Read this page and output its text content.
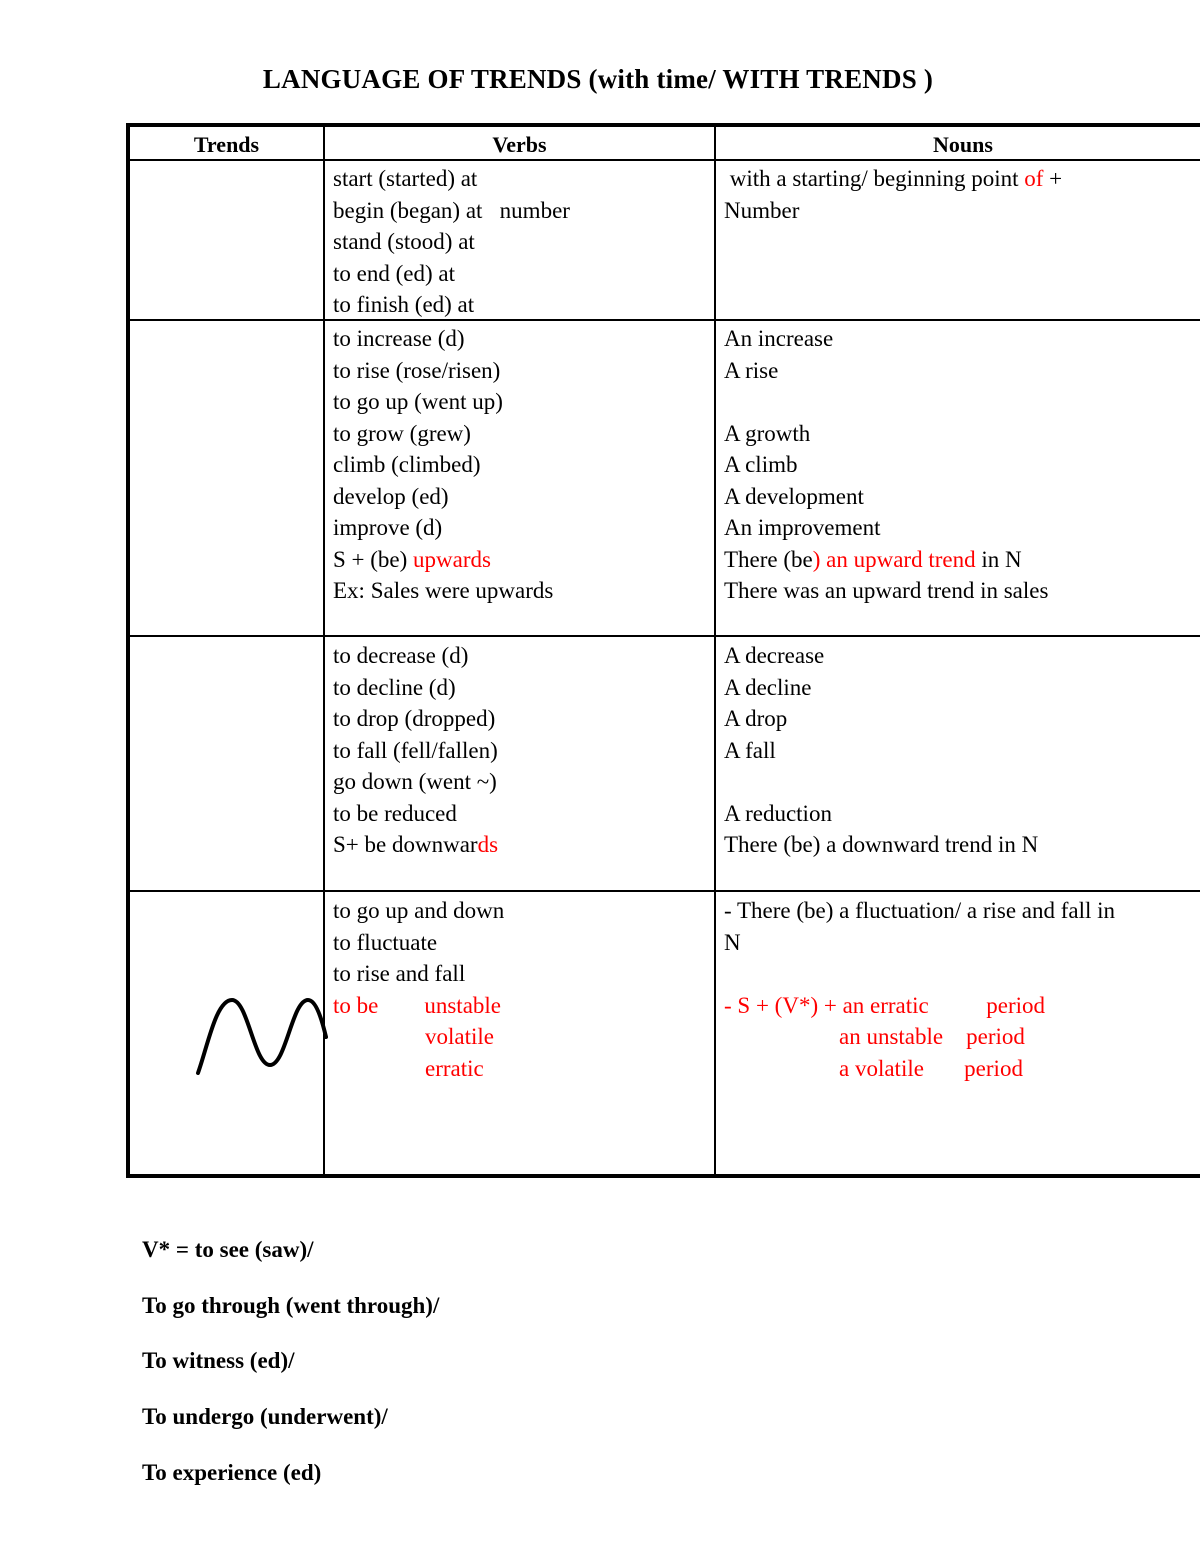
LANGUAGE OF TRENDS (with time/ WITH TRENDS )
Trends	Verbs	Nouns
start (started) at
begin (began) at   number
stand (stood) at
to end (ed) at
to finish (ed) at
with a starting/ beginning point of +
Number
to increase (d)
to rise (rose/risen)
to go up (went up)
to grow (grew)
climb (climbed)
develop (ed)
improve (d)
S + (be) upwards
Ex: Sales were upwards
An increase
A rise
A growth
A climb
A development
An improvement
There (be) an upward trend in N
There was an upward trend in sales
to decrease (d)
to decline (d)
to drop (dropped)
to fall (fell/fallen)
go down (went ~)
to be reduced
S+ be downwards
A decrease
A decline
A drop
A fall
A reduction
There (be) a downward trend in N
to go up and down
to fluctuate
to rise and fall
to be        unstable
volatile
erratic
- There (be) a fluctuation/ a rise and fall in
N
- S + (V*) + an erratic          period
an unstable    period
a volatile       period
V* = to see (saw)/
To go through (went through)/
To witness (ed)/
To undergo (underwent)/
To experience (ed)
